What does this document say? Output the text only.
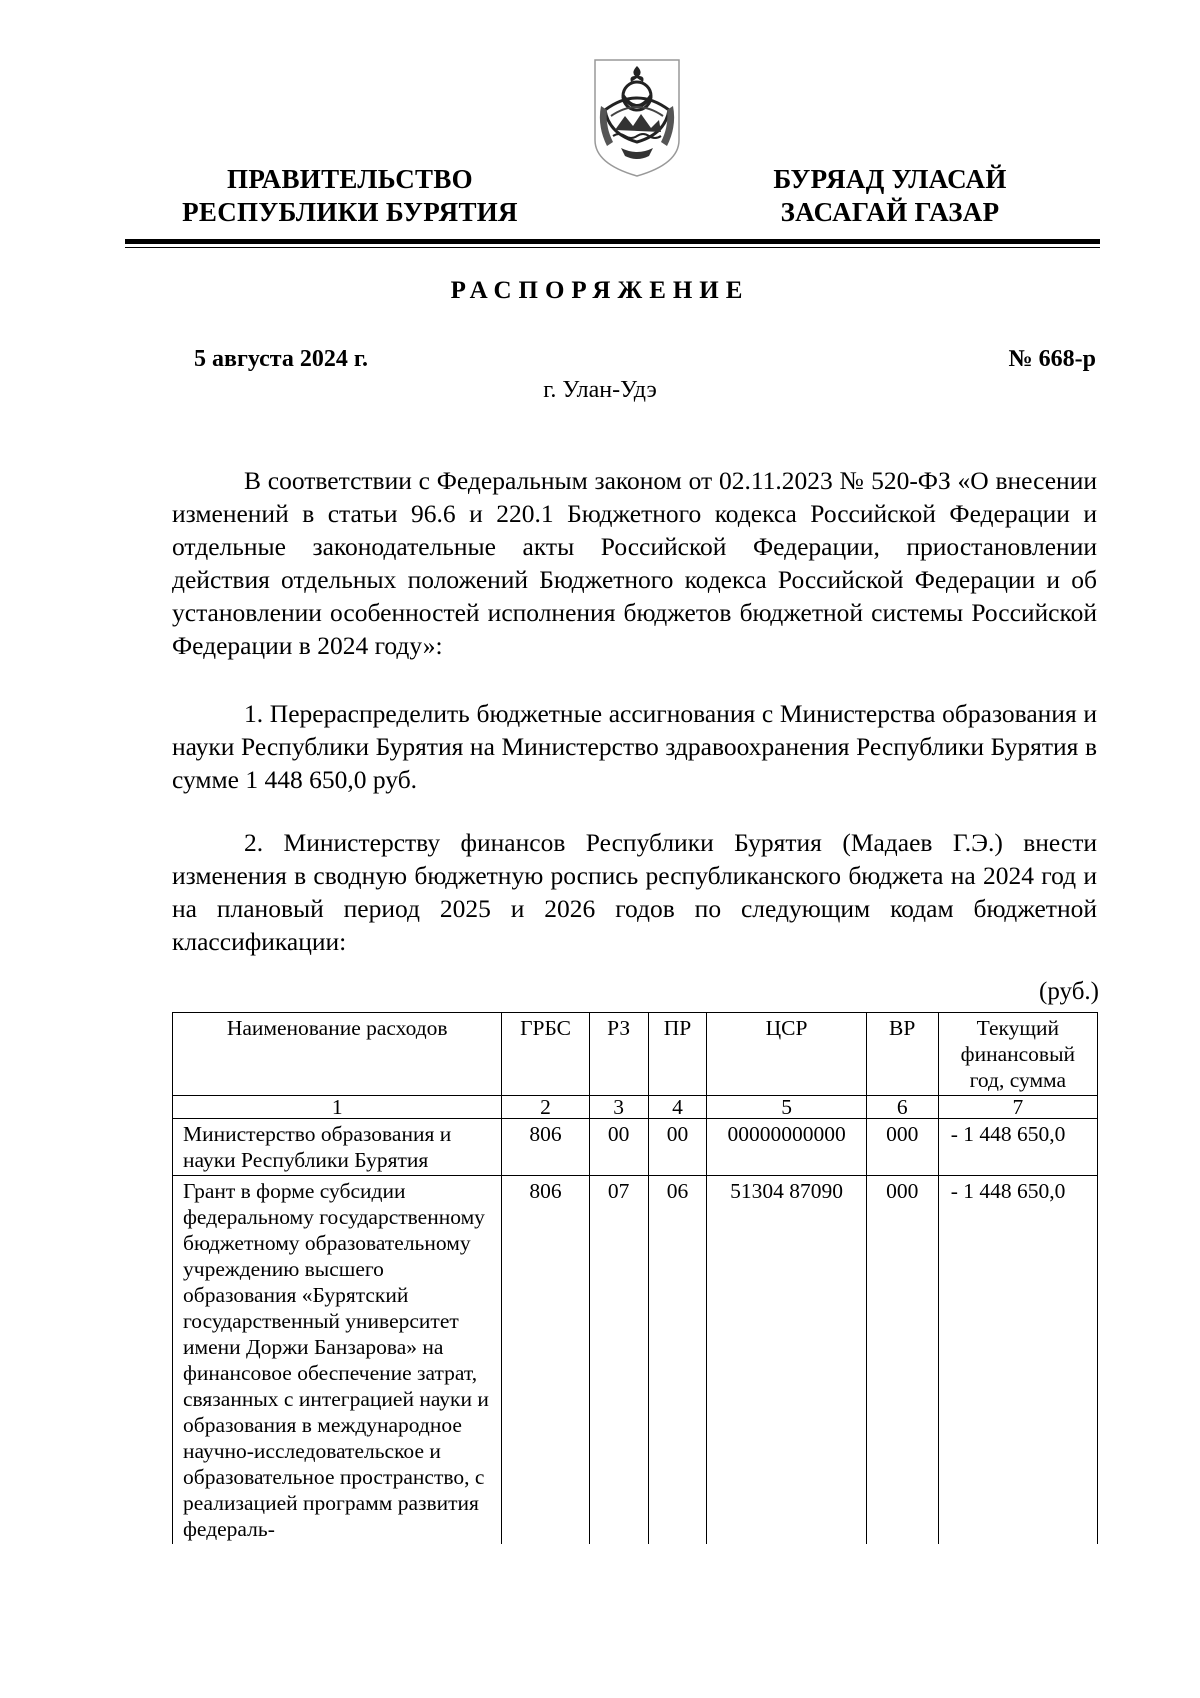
ПРАВИТЕЛЬСТВО
РЕСПУБЛИКИ БУРЯТИЯ
БУРЯАД УЛАСАЙ
ЗАСАГАЙ ГАЗАР
РАСПОРЯЖЕНИЕ
5 августа 2024 г.	№ 668-р
г. Улан-Удэ

В соответствии с Федеральным законом от 02.11.2023 № 520-ФЗ «О внесении изменений в статьи 96.6 и 220.1 Бюджетного кодекса Российской Федерации и отдельные законодательные акты Российской Федерации, приостановлении действия отдельных положений Бюджетного кодекса Российской Федерации и об установлении особенностей исполнения бюджетов бюджетной системы Российской Федерации в 2024 году»:

1. Перераспределить бюджетные ассигнования с Министерства образования и науки Республики Бурятия на Министерство здравоохранения Республики Бурятия в сумме 1 448 650,0 руб.

2. Министерству финансов Республики Бурятия (Мадаев Г.Э.) внести изменения в сводную бюджетную роспись республиканского бюджета на 2024 год и на плановый период 2025 и 2026 годов по следующим кодам бюджетной классификации:

(руб.)
Наименование расходов	ГРБС	РЗ	ПР	ЦСР	ВР	Текущий финансовый год, сумма
1	2	3	4	5	6	7
Министерство образования и науки Республики Бурятия	806	00	00	00000000000	000	- 1 448 650,0
Грант в форме субсидии федеральному государственному бюджетному образовательному учреждению высшего образования «Бурятский государственный университет имени Доржи Банзарова» на финансовое обеспечение затрат, связанных с интеграцией науки и образования в международное научно-исследовательское и образовательное пространство, с реализацией программ развития федераль-	806	07	06	51304 87090	000	- 1 448 650,0
